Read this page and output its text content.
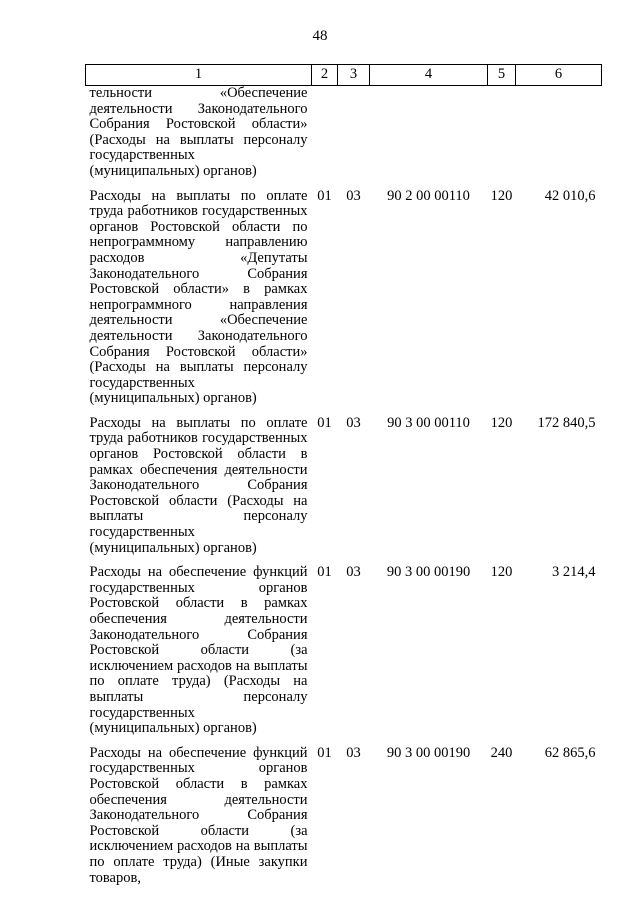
48
1	2	3	4	5	6
тельности «Обеспечение деятельности Законодательного Собрания Ростовской области» (Расходы на выплаты персоналу государственных (муниципальных) органов)					
Расходы на выплаты по оплате труда работников государственных органов Ростовской области по непрограммному направлению расходов «Депутаты Законодательного Собрания Ростовской области» в рамках непрограммного направления деятельности «Обеспечение деятельности Законодательного Собрания Ростовской области» (Расходы на выплаты персоналу государственных (муниципальных) органов)	01	03	90 2 00 00110	120	42 010,6
Расходы на выплаты по оплате труда работников государственных органов Ростовской области в рамках обеспечения деятельности Законодательного Собрания Ростовской области (Расходы на выплаты персоналу государственных (муниципальных) органов)	01	03	90 3 00 00110	120	172 840,5
Расходы на обеспечение функций государственных органов Ростовской области в рамках обеспечения деятельности Законодательного Собрания Ростовской области (за исключением расходов на выплаты по оплате труда) (Расходы на выплаты персоналу государственных (муниципальных) органов)	01	03	90 3 00 00190	120	3 214,4
Расходы на обеспечение функций государственных органов Ростовской области в рамках обеспечения деятельности Законодательного Собрания Ростовской области (за исключением расходов на выплаты по оплате труда) (Иные закупки товаров,	01	03	90 3 00 00190	240	62 865,6
